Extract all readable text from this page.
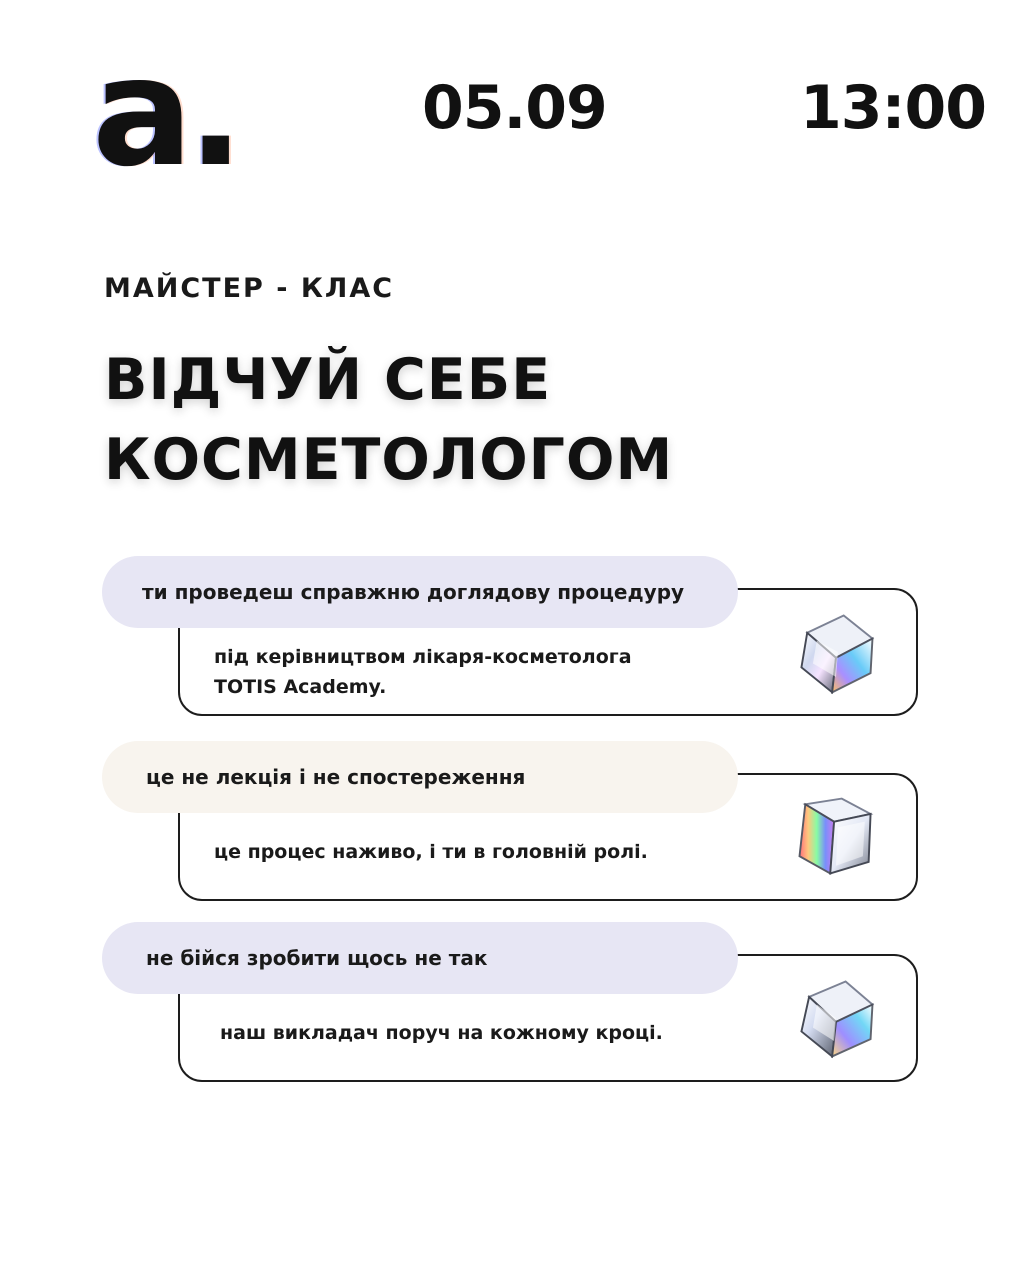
a.	05.09	13:00
МАЙСТЕР - КЛАС
ВІДЧУЙ СЕБЕ
КОСМЕТОЛОГОМ
під керівництвом лікаря-косметолога
TOTIS Academy.
ти проведеш справжню доглядову процедуру
це процес наживо, і ти в головній ролі.
це не лекція і не спостереження
наш викладач поруч на кожному кроці.
не бійся зробити щось не так
